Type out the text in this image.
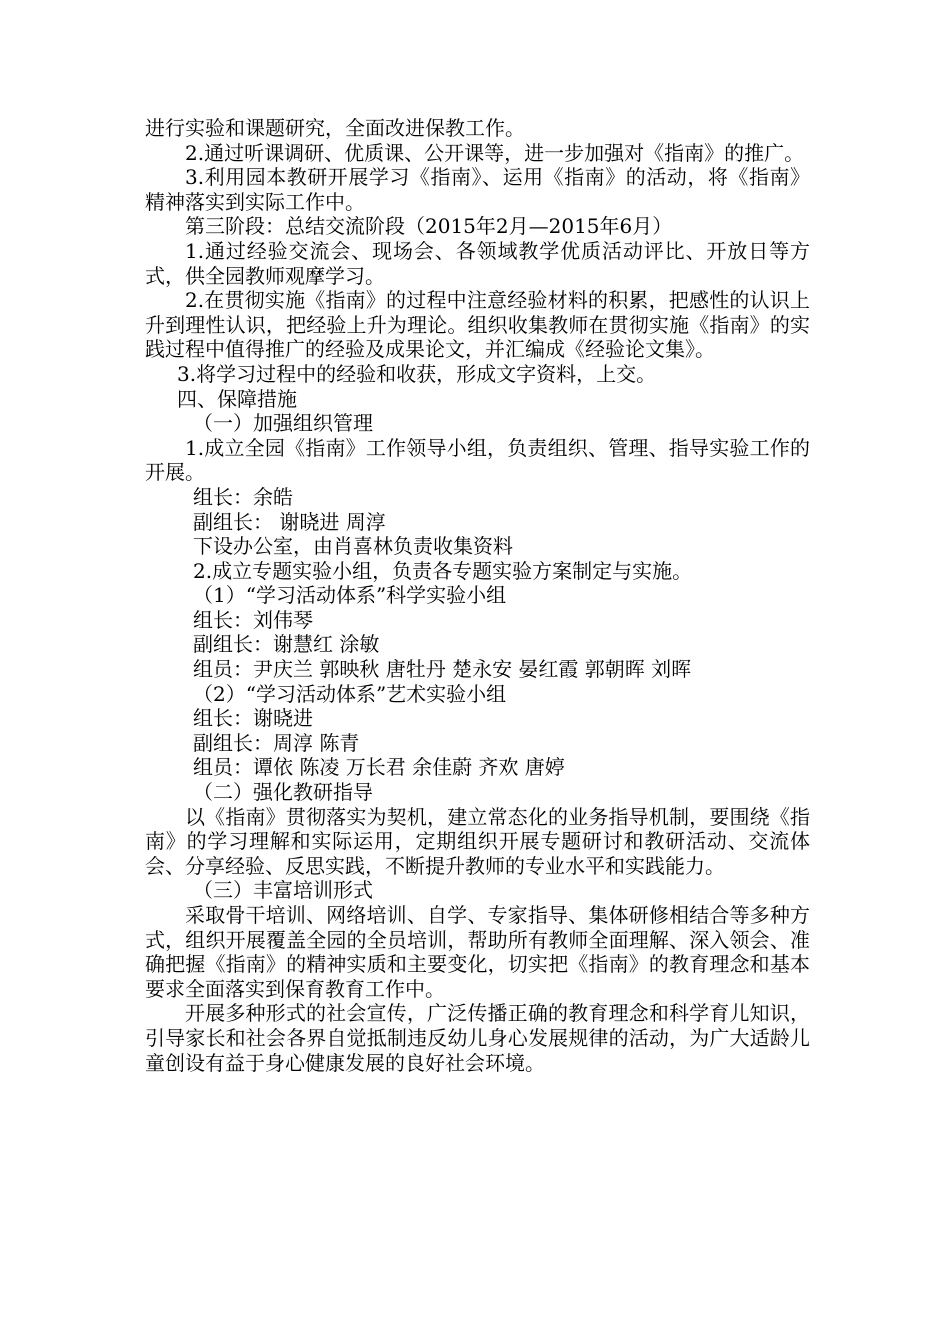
进行实验和课题研究，全面改进保教工作。
2.通过听课调研、优质课、公开课等，进一步加强对《指南》的推广。
3.利用园本教研开展学习《指南》、运用《指南》的活动，将《指南》精神落实到实际工作中。
第三阶段：总结交流阶段（2015年2月—2015年6月）
1.通过经验交流会、现场会、各领域教学优质活动评比、开放日等方式，供全园教师观摩学习。
2.在贯彻实施《指南》的过程中注意经验材料的积累，把感性的认识上升到理性认识，把经验上升为理论。组织收集教师在贯彻实施《指南》的实践过程中值得推广的经验及成果论文，并汇编成《经验论文集》。
3.将学习过程中的经验和收获，形成文字资料，上交。
四、保障措施
（一）加强组织管理
1.成立全园《指南》工作领导小组，负责组织、管理、指导实验工作的开展。
组长：余皓
副组长： 谢晓进 周淳
下设办公室，由肖喜林负责收集资料
2.成立专题实验小组，负责各专题实验方案制定与实施。
（1）“学习活动体系”科学实验小组
组长：刘伟琴
副组长：谢慧红 涂敏
组员：尹庆兰 郭映秋 唐牡丹 楚永安 晏红霞 郭朝晖 刘晖
（2）“学习活动体系”艺术实验小组
组长：谢晓进
副组长：周淳 陈青
组员：谭依 陈凌 万长君 余佳蔚 齐欢 唐婷
（二）强化教研指导
以《指南》贯彻落实为契机，建立常态化的业务指导机制，要围绕《指南》的学习理解和实际运用，定期组织开展专题研讨和教研活动、交流体会、分享经验、反思实践，不断提升教师的专业水平和实践能力。
（三）丰富培训形式
采取骨干培训、网络培训、自学、专家指导、集体研修相结合等多种方式，组织开展覆盖全园的全员培训，帮助所有教师全面理解、深入领会、准确把握《指南》的精神实质和主要变化，切实把《指南》的教育理念和基本要求全面落实到保育教育工作中。
开展多种形式的社会宣传，广泛传播正确的教育理念和科学育儿知识，引导家长和社会各界自觉抵制违反幼儿身心发展规律的活动，为广大适龄儿童创设有益于身心健康发展的良好社会环境。
